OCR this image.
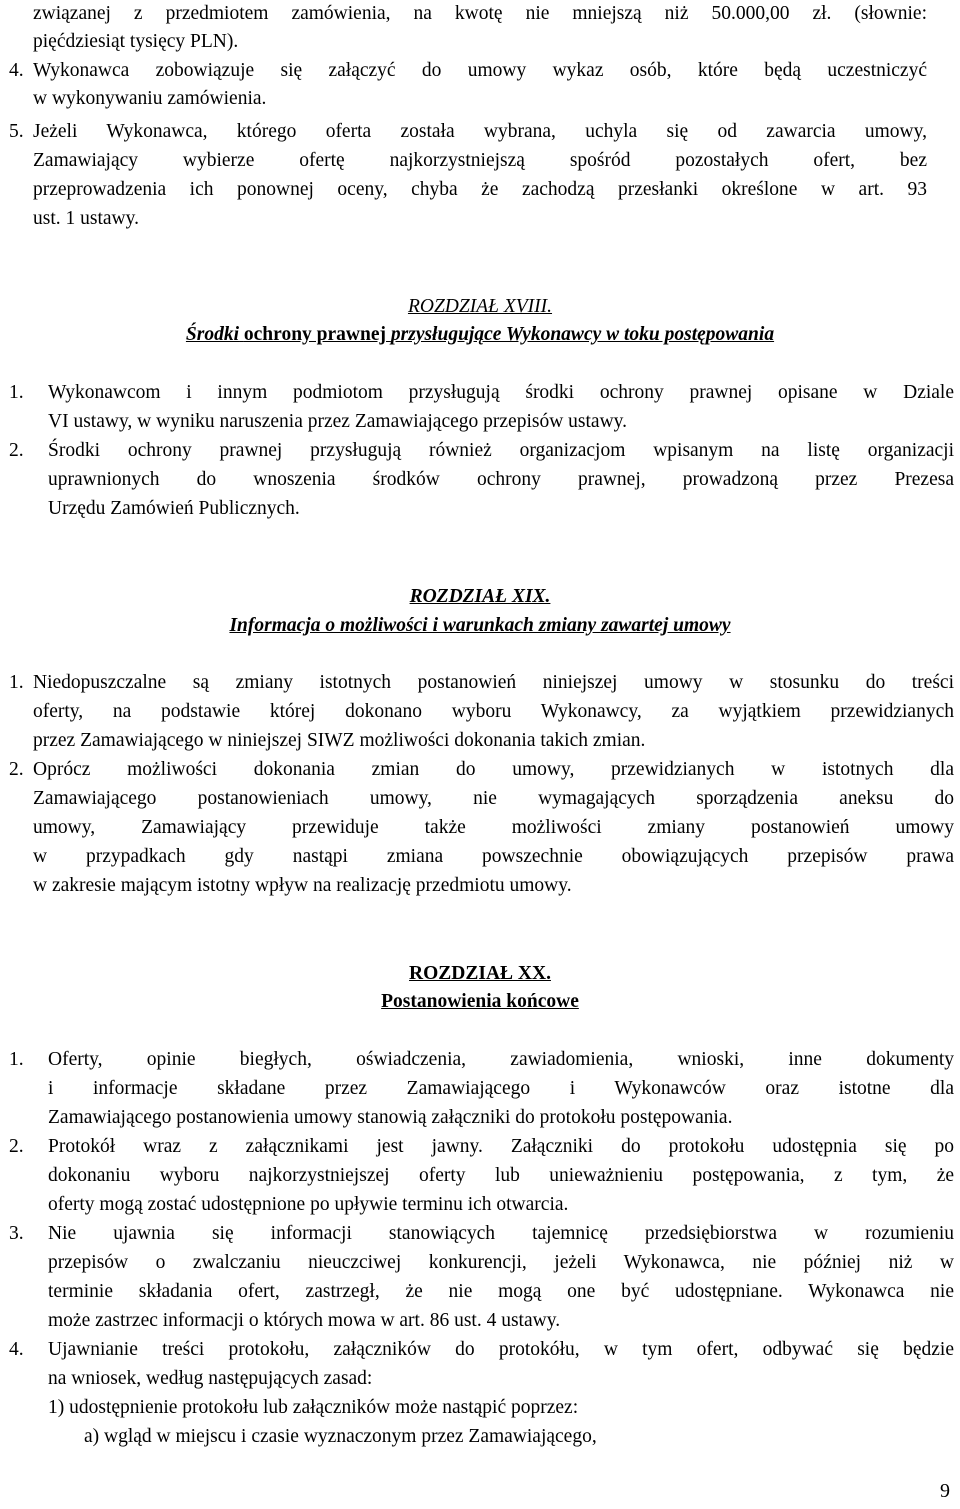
związanej z przedmiotem zamówienia, na kwotę nie mniejszą niż 50.000,00 zł. (słownie:
pięćdziesiąt tysięcy PLN).
4. Wykonawca zobowiązuje się załączyć do umowy wykaz osób, które będą uczestniczyć
w wykonywaniu zamówienia.
5. Jeżeli Wykonawca, którego oferta została wybrana, uchyla się od zawarcia umowy,
Zamawiający wybierze ofertę najkorzystniejszą spośród pozostałych ofert, bez
przeprowadzenia ich ponownej oceny, chyba że zachodzą przesłanki określone w art. 93
ust. 1 ustawy.
ROZDZIAŁ XVIII.
Środki ochrony prawnej przysługujące Wykonawcy w toku postępowania
1. Wykonawcom i innym podmiotom przysługują środki ochrony prawnej opisane w Dziale
VI ustawy, w wyniku naruszenia przez Zamawiającego przepisów ustawy.
2. Środki ochrony prawnej przysługują również organizacjom wpisanym na listę organizacji
uprawnionych do wnoszenia środków ochrony prawnej, prowadzoną przez Prezesa
Urzędu Zamówień Publicznych.
ROZDZIAŁ XIX.
Informacja o możliwości i warunkach zmiany zawartej umowy
1. Niedopuszczalne są zmiany istotnych postanowień niniejszej umowy w stosunku do treści
oferty, na podstawie której dokonano wyboru Wykonawcy, za wyjątkiem przewidzianych
przez Zamawiającego w niniejszej SIWZ możliwości dokonania takich zmian.
2. Oprócz możliwości dokonania zmian do umowy, przewidzianych w istotnych dla
Zamawiającego postanowieniach umowy, nie wymagających sporządzenia aneksu do
umowy, Zamawiający przewiduje także możliwości zmiany postanowień umowy
w przypadkach gdy nastąpi zmiana powszechnie obowiązujących przepisów prawa
w zakresie mającym istotny wpływ na realizację przedmiotu umowy.
ROZDZIAŁ XX.
Postanowienia końcowe
1. Oferty, opinie biegłych, oświadczenia, zawiadomienia, wnioski, inne dokumenty
i informacje składane przez Zamawiającego i Wykonawców oraz istotne dla
Zamawiającego postanowienia umowy stanowią załączniki do protokołu postępowania.
2. Protokół wraz z załącznikami jest jawny. Załączniki do protokołu udostępnia się po
dokonaniu wyboru najkorzystniejszej oferty lub unieważnieniu postępowania, z tym, że
oferty mogą zostać udostępnione po upływie terminu ich otwarcia.
3. Nie ujawnia się informacji stanowiących tajemnicę przedsiębiorstwa w rozumieniu
przepisów o zwalczaniu nieuczciwej konkurencji, jeżeli Wykonawca, nie później niż w
terminie składania ofert, zastrzegł, że nie mogą one być udostępniane. Wykonawca nie
może zastrzec informacji o których mowa w art. 86 ust. 4 ustawy.
4. Ujawnianie treści protokołu, załączników do protokółu, w tym ofert, odbywać się będzie
na wniosek, według następujących zasad:
1) udostępnienie protokołu lub załączników może nastąpić poprzez:
a) wgląd w miejscu i czasie wyznaczonym przez Zamawiającego,
9
